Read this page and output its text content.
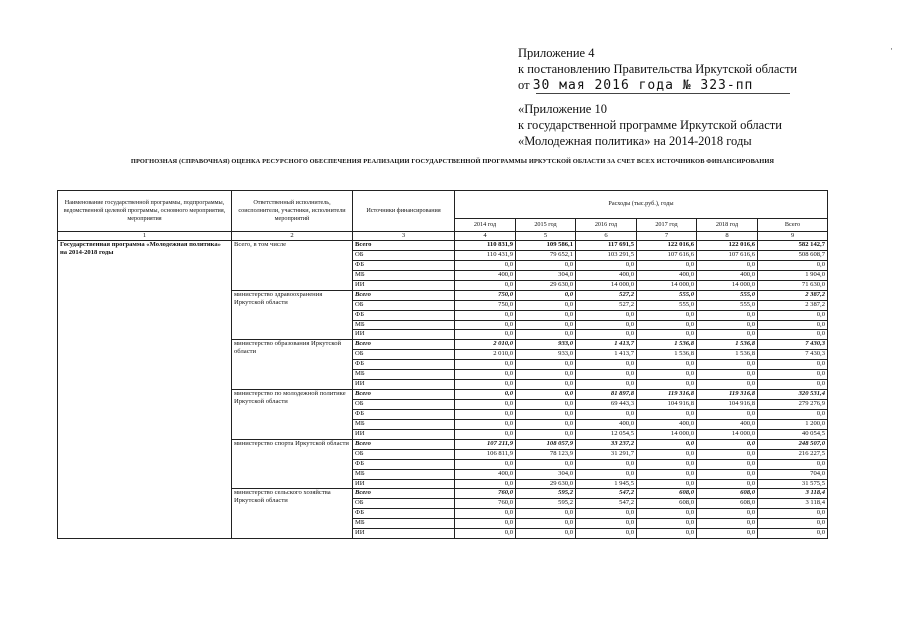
Приложение 4
к постановлению Правительства Иркутской области
от 30 мая 2016 года № 323-пп
«Приложение 10
к государственной программе Иркутской области
«Молодежная политика» на 2014-2018 годы
ПРОГНОЗНАЯ (СПРАВОЧНАЯ) ОЦЕНКА РЕСУРСНОГО ОБЕСПЕЧЕНИЯ РЕАЛИЗАЦИИ ГОСУДАРСТВЕННОЙ ПРОГРАММЫ ИРКУТСКОЙ ОБЛАСТИ ЗА СЧЕТ ВСЕХ ИСТОЧНИКОВ ФИНАНСИРОВАНИЯ
·
Наименование государственной программы, подпрограммы, ведомственной целевой программы, основного мероприятия, мероприятия	Ответственный исполнитель, соисполнители, участники, исполнители мероприятий	Источники финансирования	Расходы (тыс.руб.), годы					
			2014 год	2015 год	2016 год	2017 год	2018 год	Всего
1	2	3	4	5	6	7	8	9
Государственная программа «Молодежная политика» на 2014-2018 годы	Всего, в том числе	Всего	110 831,9	109 586,1	117 691,5	122 016,6	122 016,6	582 142,7
		ОБ	110 431,9	79 652,1	103 291,5	107 616,6	107 616,6	508 608,7
		ФБ	0,0	0,0	0,0	0,0	0,0	0,0
		МБ	400,0	304,0	400,0	400,0	400,0	1 904,0
		ИИ	0,0	29 630,0	14 000,0	14 000,0	14 000,0	71 630,0
	министерство здравоохранения Иркутской области	Всего	750,0	0,0	527,2	555,0	555,0	2 387,2
		ОБ	750,0	0,0	527,2	555,0	555,0	2 387,2
		ФБ	0,0	0,0	0,0	0,0	0,0	0,0
		МБ	0,0	0,0	0,0	0,0	0,0	0,0
		ИИ	0,0	0,0	0,0	0,0	0,0	0,0
	министерство образования Иркутской области	Всего	2 010,0	933,0	1 413,7	1 536,8	1 536,8	7 430,3
		ОБ	2 010,0	933,0	1 413,7	1 536,8	1 536,8	7 430,3
		ФБ	0,0	0,0	0,0	0,0	0,0	0,0
		МБ	0,0	0,0	0,0	0,0	0,0	0,0
		ИИ	0,0	0,0	0,0	0,0	0,0	0,0
	министерство по молодежной политике Иркутской области	Всего	0,0	0,0	81 897,8	119 316,8	119 316,8	320 531,4
		ОБ	0,0	0,0	69 443,3	104 916,8	104 916,8	279 276,9
		ФБ	0,0	0,0	0,0	0,0	0,0	0,0
		МБ	0,0	0,0	400,0	400,0	400,0	1 200,0
		ИИ	0,0	0,0	12 054,5	14 000,0	14 000,0	40 054,5
	министерство спорта Иркутской области	Всего	107 211,9	108 057,9	33 237,2	0,0	0,0	248 507,0
		ОБ	106 811,9	78 123,9	31 291,7	0,0	0,0	216 227,5
		ФБ	0,0	0,0	0,0	0,0	0,0	0,0
		МБ	400,0	304,0	0,0	0,0	0,0	704,0
		ИИ	0,0	29 630,0	1 945,5	0,0	0,0	31 575,5
	министерство сельского хозяйства Иркутской области	Всего	760,0	595,2	547,2	608,0	608,0	3 118,4
		ОБ	760,0	595,2	547,2	608,0	608,0	3 118,4
		ФБ	0,0	0,0	0,0	0,0	0,0	0,0
		МБ	0,0	0,0	0,0	0,0	0,0	0,0
		ИИ	0,0	0,0	0,0	0,0	0,0	0,0
